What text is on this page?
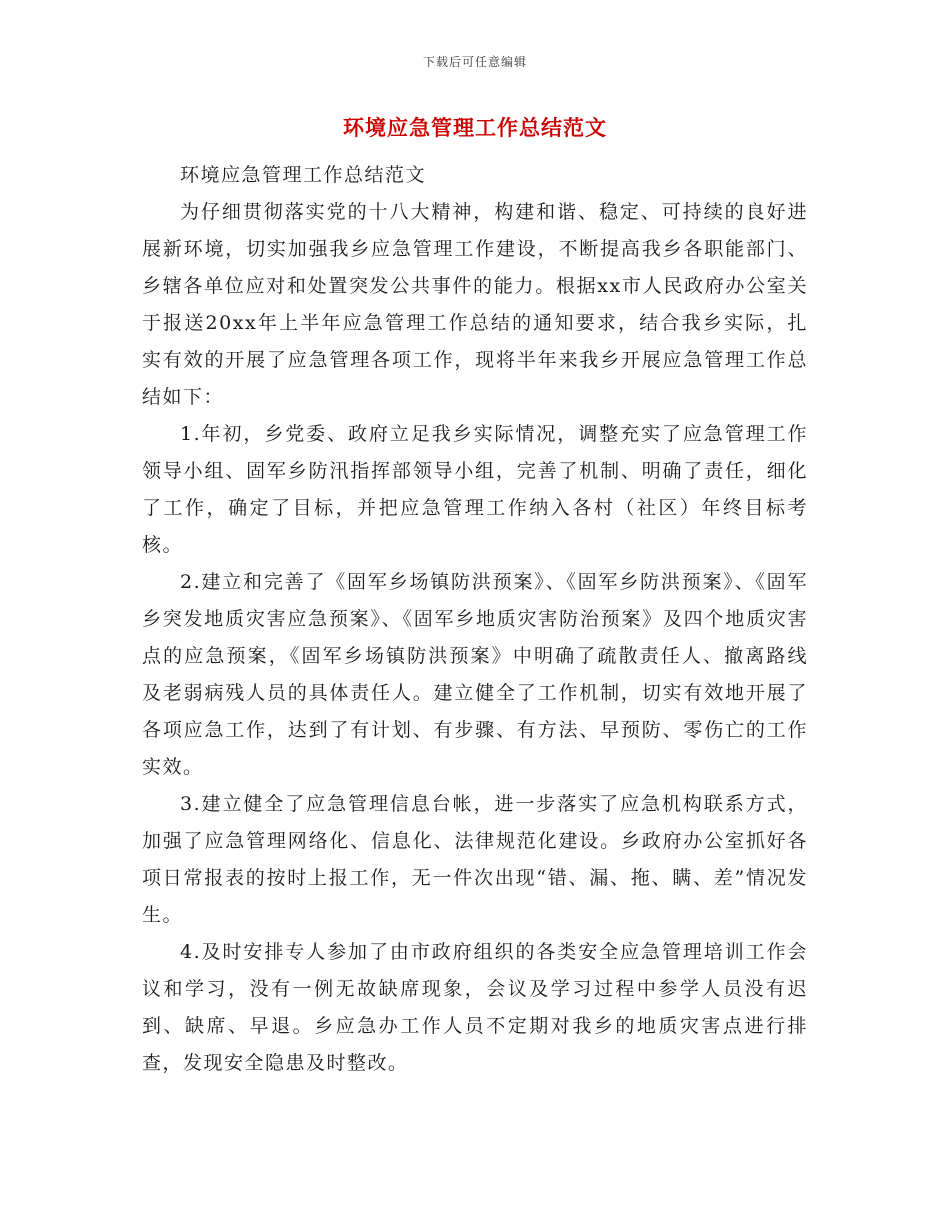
下载后可任意编辑
环境应急管理工作总结范文

环境应急管理工作总结范文

为仔细贯彻落实党的十八大精神，构建和谐、稳定、可持续的良好进展新环境，切实加强我乡应急管理工作建设，不断提高我乡各职能部门、乡辖各单位应对和处置突发公共事件的能力。根据xx市人民政府办公室关于报送20xx年上半年应急管理工作总结的通知要求，结合我乡实际，扎实有效的开展了应急管理各项工作，现将半年来我乡开展应急管理工作总结如下：

1.年初，乡党委、政府立足我乡实际情况，调整充实了应急管理工作领导小组、固军乡防汛指挥部领导小组，完善了机制、明确了责任，细化了工作，确定了目标，并把应急管理工作纳入各村（社区）年终目标考核。

2.建立和完善了《固军乡场镇防洪预案》、《固军乡防洪预案》、《固军乡突发地质灾害应急预案》、《固军乡地质灾害防治预案》及四个地质灾害点的应急预案，《固军乡场镇防洪预案》中明确了疏散责任人、撤离路线及老弱病残人员的具体责任人。建立健全了工作机制，切实有效地开展了各项应急工作，达到了有计划、有步骤、有方法、早预防、零伤亡的工作实效。

3.建立健全了应急管理信息台帐，进一步落实了应急机构联系方式，加强了应急管理网络化、信息化、法律规范化建设。乡政府办公室抓好各项日常报表的按时上报工作，无一件次出现“错、漏、拖、瞒、差”情况发生。

4.及时安排专人参加了由市政府组织的各类安全应急管理培训工作会议和学习，没有一例无故缺席现象，会议及学习过程中参学人员没有迟到、缺席、早退。乡应急办工作人员不定期对我乡的地质灾害点进行排查，发现安全隐患及时整改。
